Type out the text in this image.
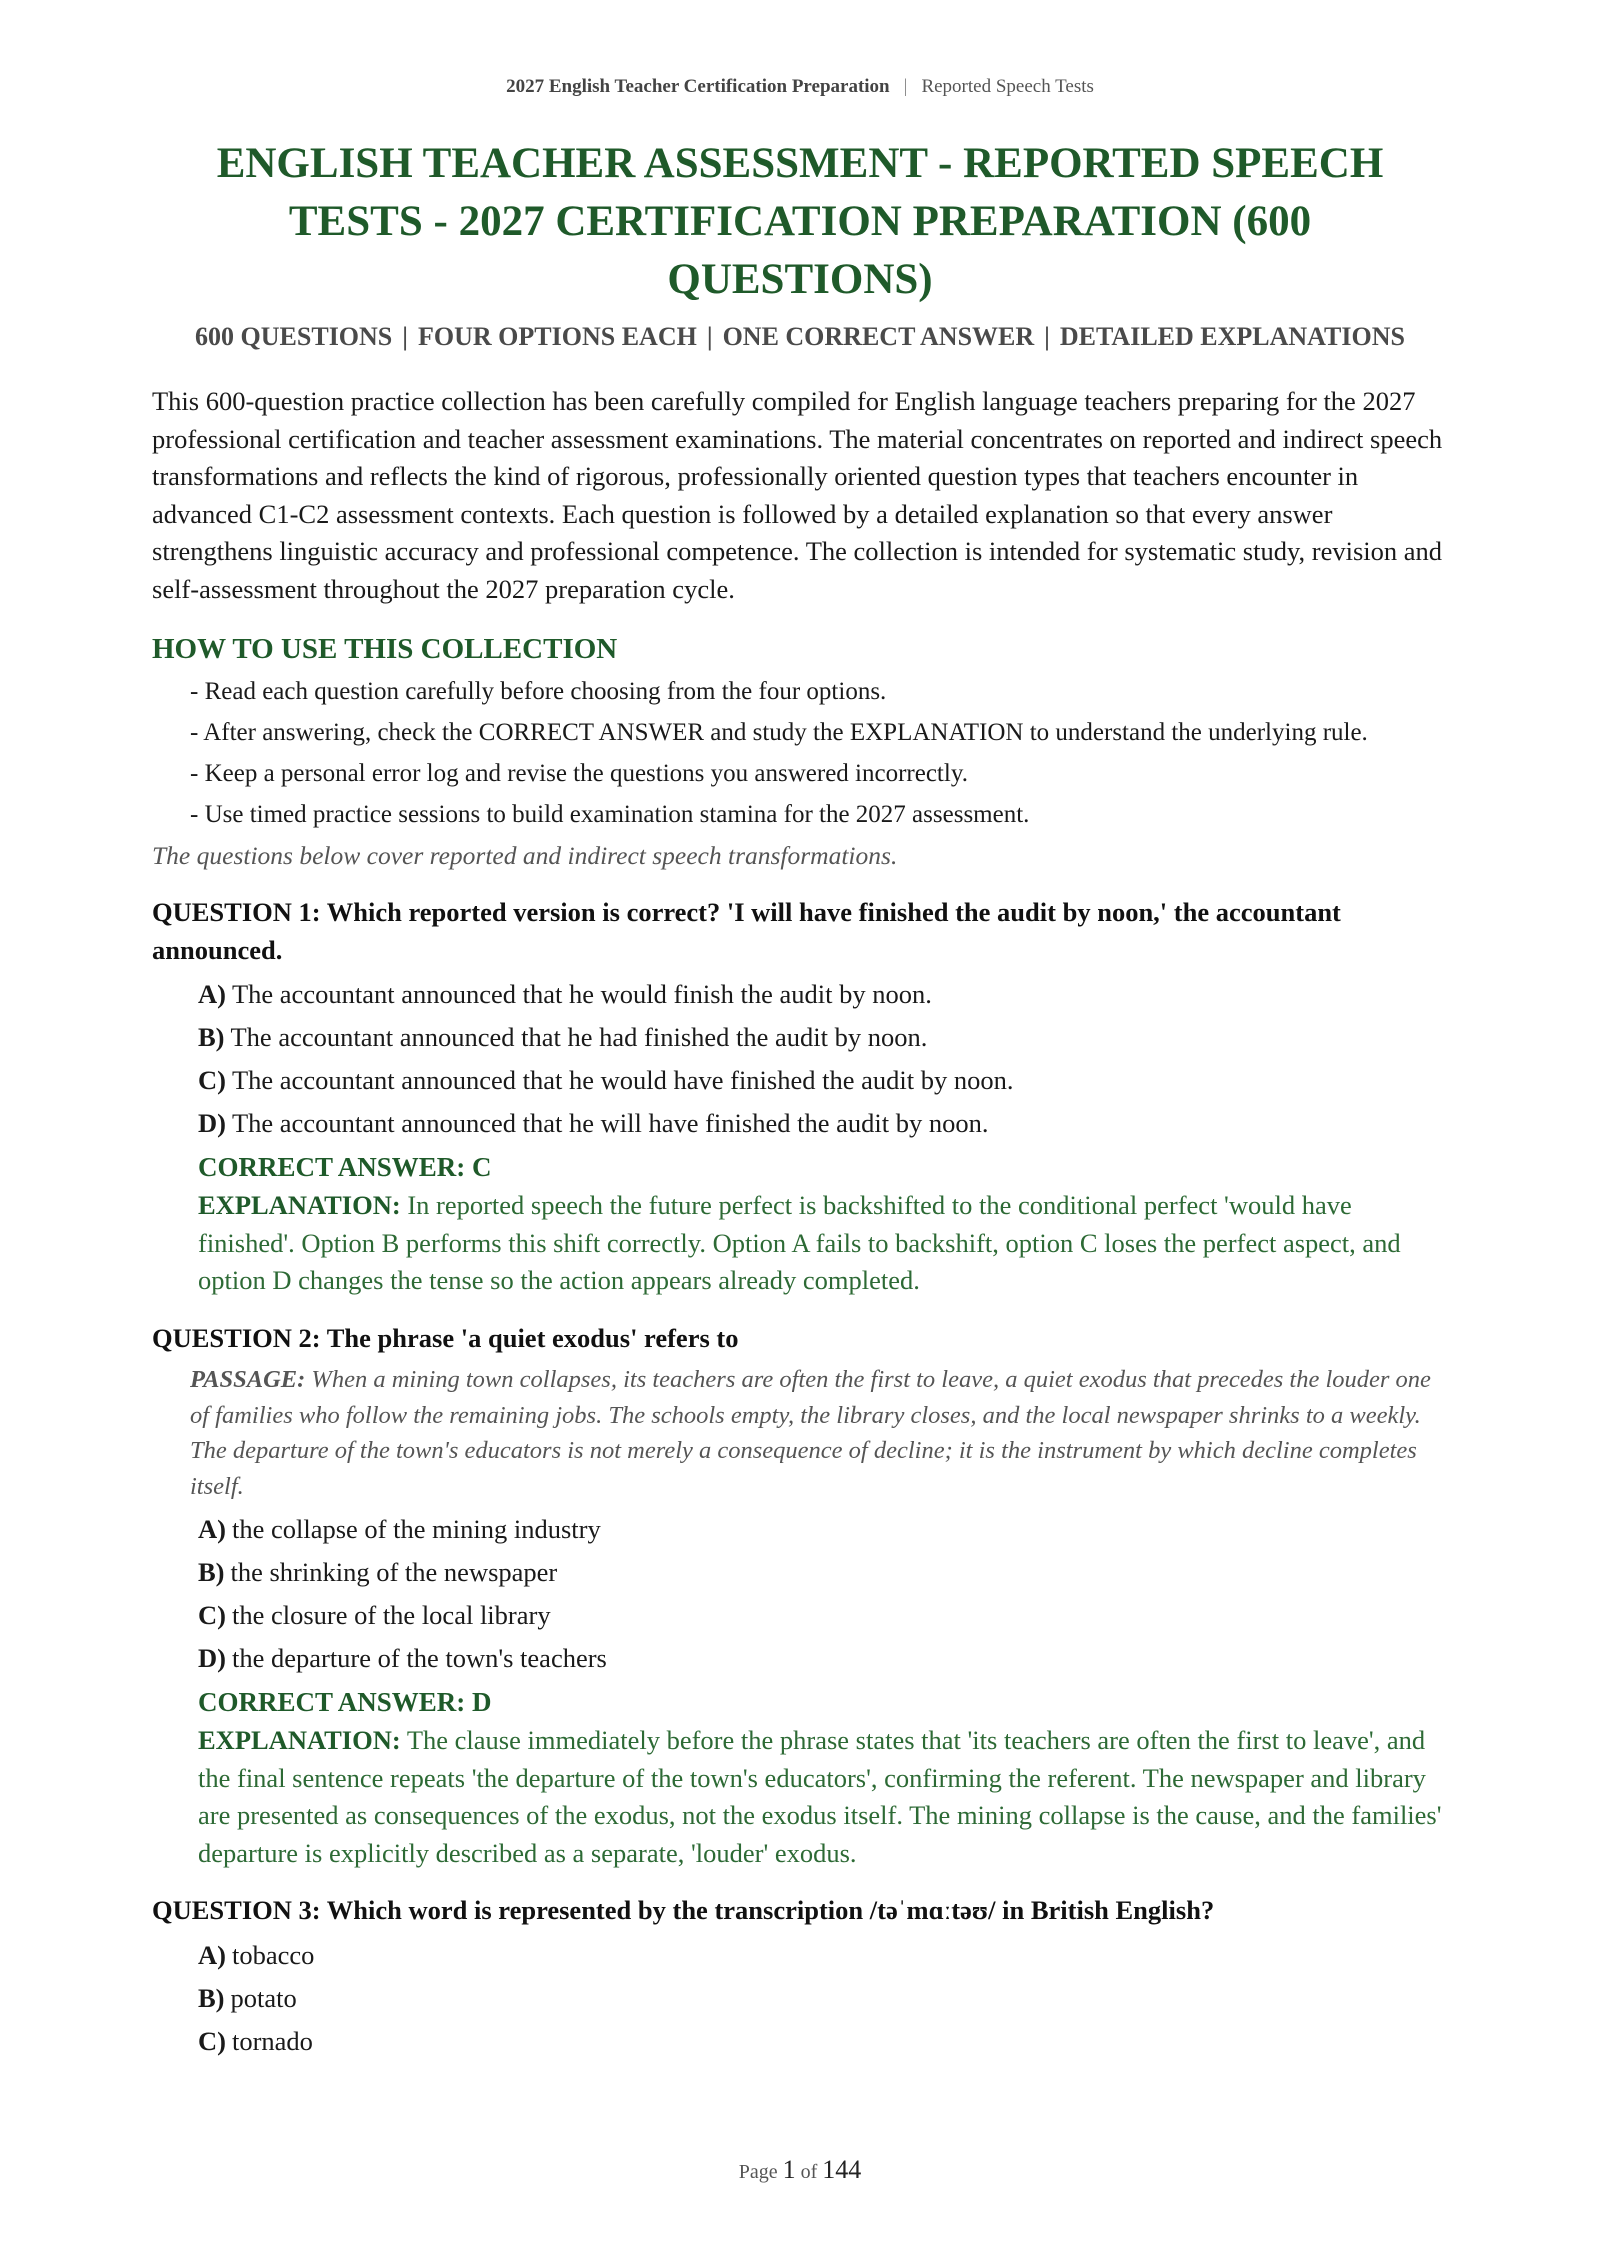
2027 English Teacher Certification Preparation | Reported Speech Tests
ENGLISH TEACHER ASSESSMENT - REPORTED SPEECH TESTS - 2027 CERTIFICATION PREPARATION (600 QUESTIONS)
600 QUESTIONS | FOUR OPTIONS EACH | ONE CORRECT ANSWER | DETAILED EXPLANATIONS

This 600-question practice collection has been carefully compiled for English language teachers preparing for the 2027 professional certification and teacher assessment examinations. The material concentrates on reported and indirect speech transformations and reflects the kind of rigorous, professionally oriented question types that teachers encounter in advanced C1-C2 assessment contexts. Each question is followed by a detailed explanation so that every answer strengthens linguistic accuracy and professional competence. The collection is intended for systematic study, revision and self-assessment throughout the 2027 preparation cycle.

HOW TO USE THIS COLLECTION
- Read each question carefully before choosing from the four options.
- After answering, check the CORRECT ANSWER and study the EXPLANATION to understand the underlying rule.
- Keep a personal error log and revise the questions you answered incorrectly.
- Use timed practice sessions to build examination stamina for the 2027 assessment.

The questions below cover reported and indirect speech transformations.

QUESTION 1: Which reported version is correct? 'I will have finished the audit by noon,' the accountant announced.

A) The accountant announced that he would finish the audit by noon.
B) The accountant announced that he had finished the audit by noon.
C) The accountant announced that he would have finished the audit by noon.
D) The accountant announced that he will have finished the audit by noon.

CORRECT ANSWER: C

EXPLANATION: In reported speech the future perfect is backshifted to the conditional perfect 'would have finished'. Option B performs this shift correctly. Option A fails to backshift, option C loses the perfect aspect, and option D changes the tense so the action appears already completed.

QUESTION 2: The phrase 'a quiet exodus' refers to

PASSAGE: When a mining town collapses, its teachers are often the first to leave, a quiet exodus that precedes the louder one of families who follow the remaining jobs. The schools empty, the library closes, and the local newspaper shrinks to a weekly. The departure of the town's educators is not merely a consequence of decline; it is the instrument by which decline completes itself.

A) the collapse of the mining industry
B) the shrinking of the newspaper
C) the closure of the local library
D) the departure of the town's teachers

CORRECT ANSWER: D

EXPLANATION: The clause immediately before the phrase states that 'its teachers are often the first to leave', and the final sentence repeats 'the departure of the town's educators', confirming the referent. The newspaper and library are presented as consequences of the exodus, not the exodus itself. The mining collapse is the cause, and the families' departure is explicitly described as a separate, 'louder' exodus.

QUESTION 3: Which word is represented by the transcription /təˈmɑːtəʊ/ in British English?

A) tobacco
B) potato
C) tornado
Page 1 of 144
